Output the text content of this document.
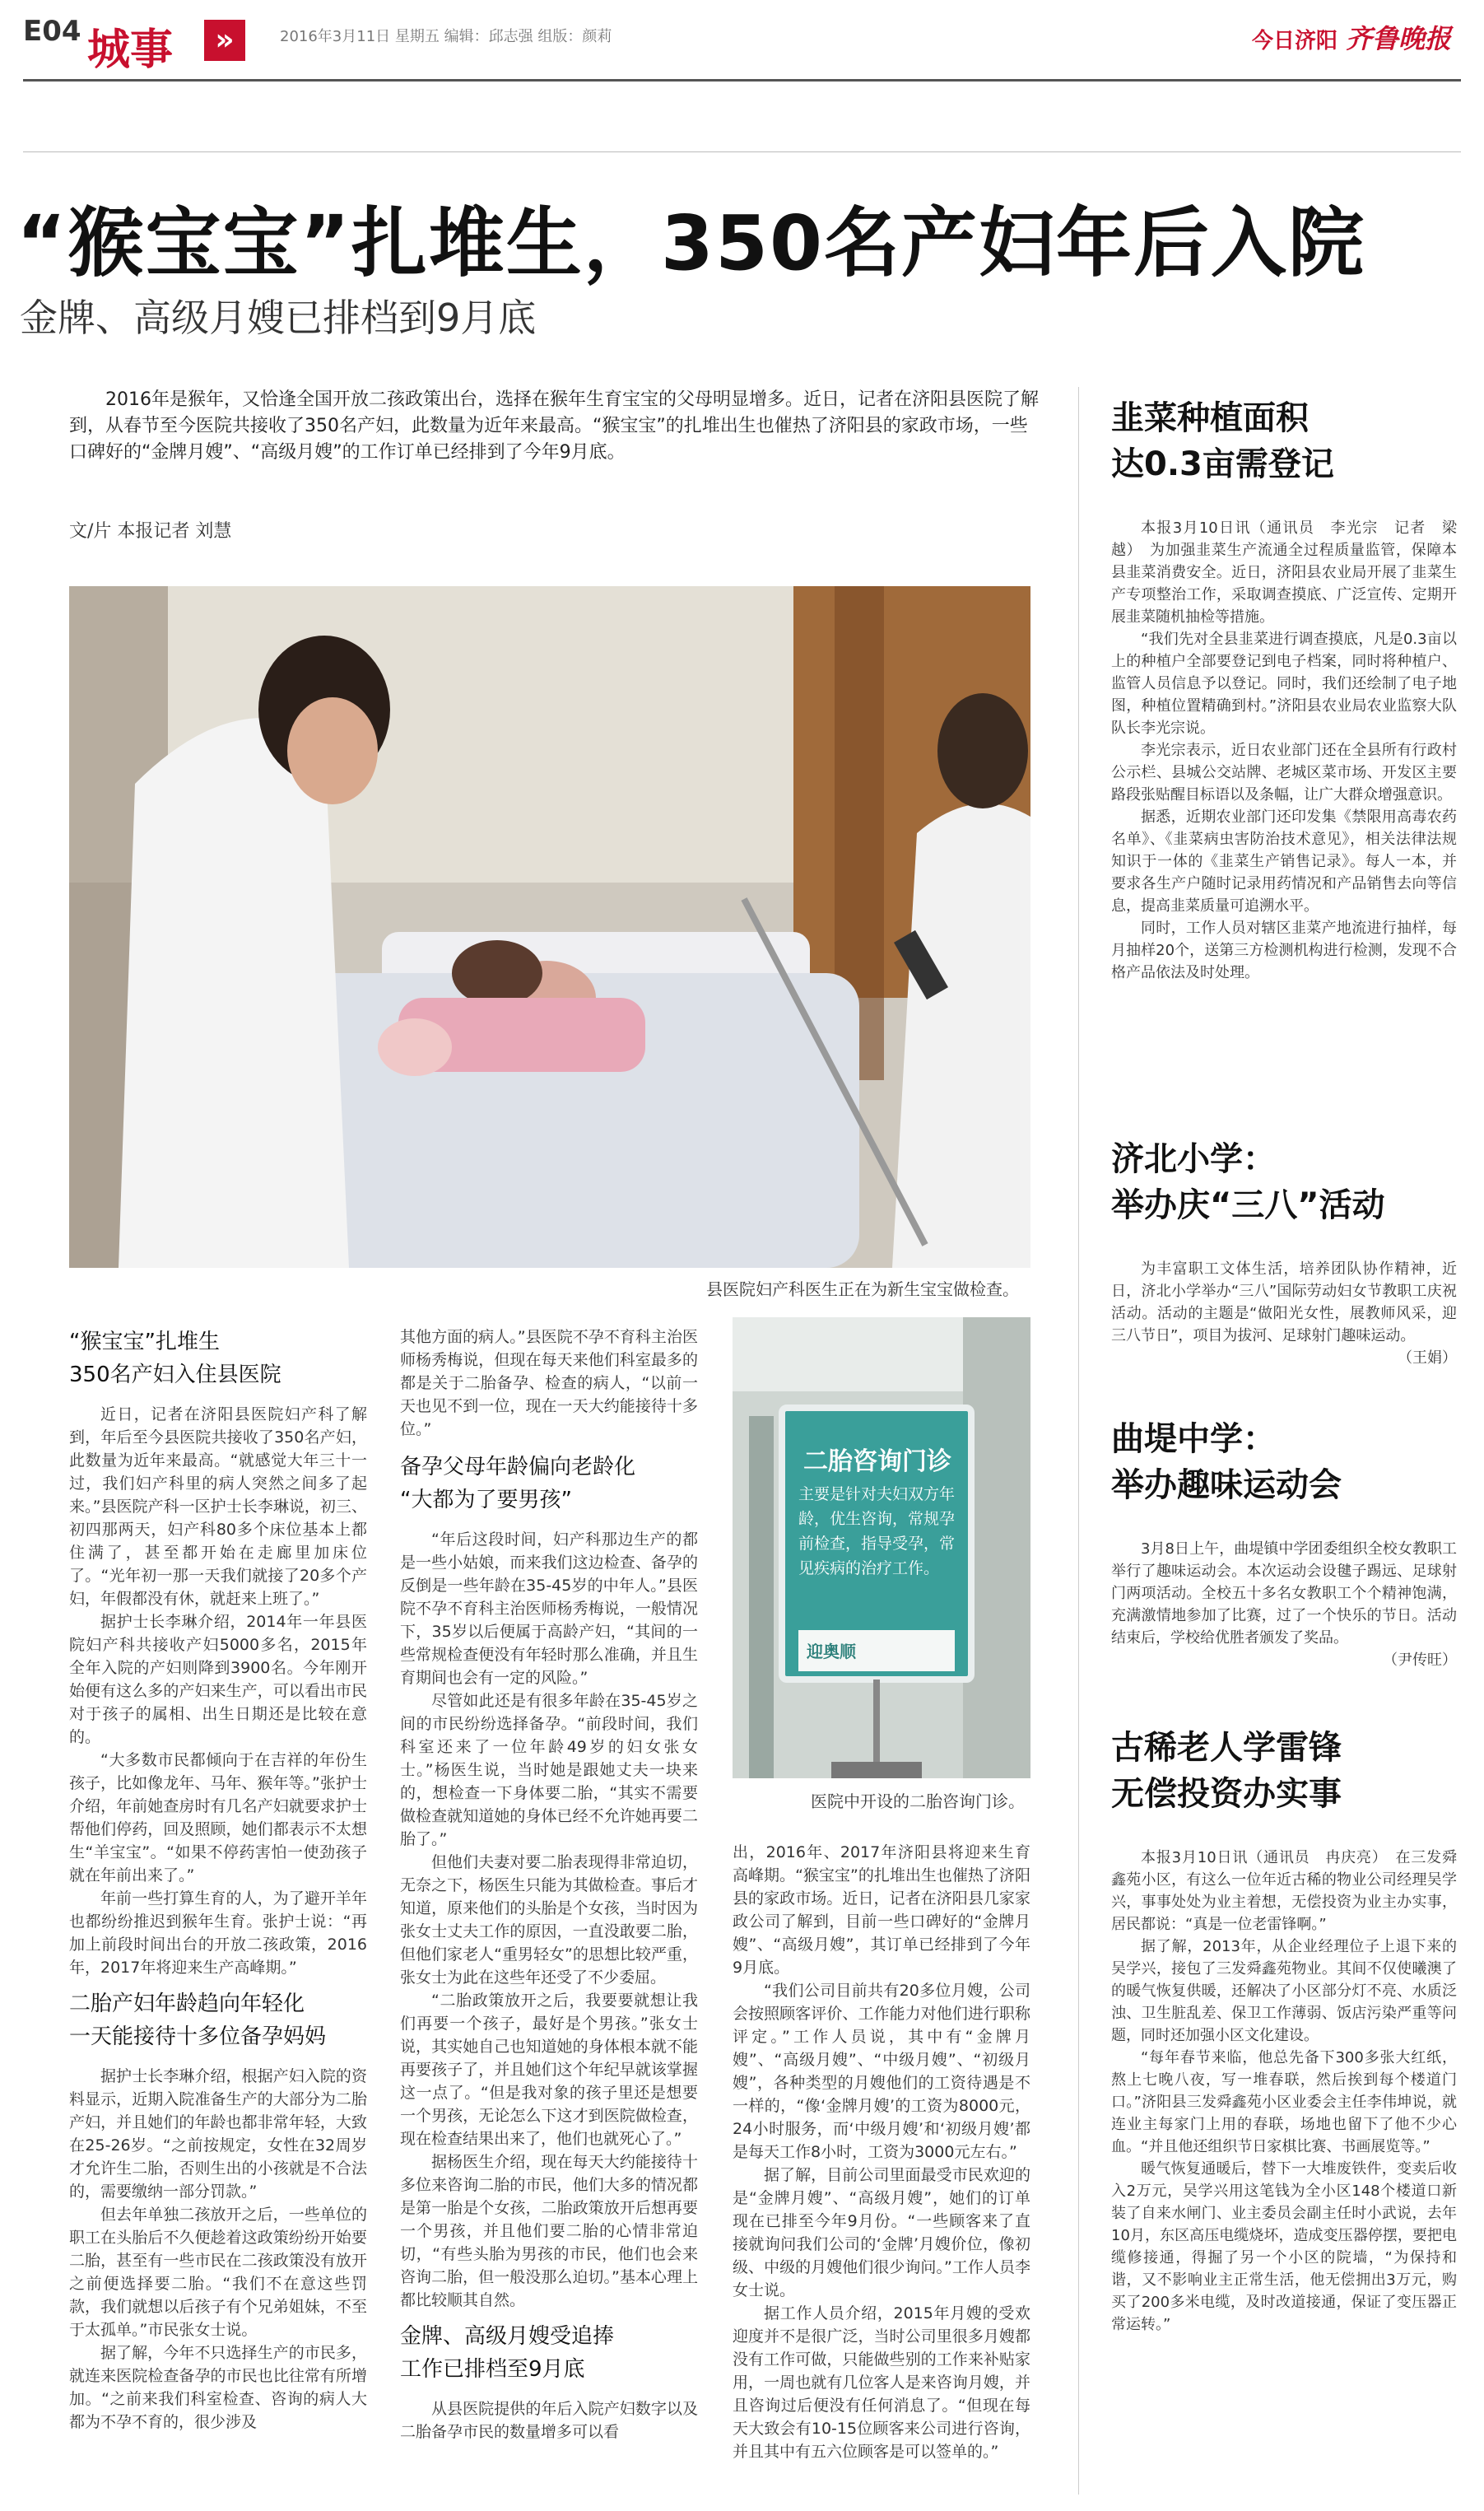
E04 城事	»	2016年3月11日 星期五 编辑：邱志强 组版：颜莉	今日济阳 齐鲁晚报
“猴宝宝”扎堆生，350名产妇年后入院
金牌、高级月嫂已排档到9月底
2016年是猴年，又恰逢全国开放二孩政策出台，选择在猴年生育宝宝的父母明显增多。近日，记者在济阳县医院了解到，从春节至今医院共接收了350名产妇，此数量为近年来最高。“猴宝宝”的扎堆出生也催热了济阳县的家政市场，一些口碑好的“金牌月嫂”、“高级月嫂”的工作订单已经排到了今年9月底。
文/片 本报记者 刘慧
县医院妇产科医生正在为新生宝宝做检查。
二胎咨询门诊
主要是针对夫妇双方年龄，优生咨询，常规孕前检查，指导受孕，常见疾病的治疗工作。
迎奥顺
医院中开设的二胎咨询门诊。
“猴宝宝”扎堆生
350名产妇入住县医院

近日，记者在济阳县医院妇产科了解到，年后至今县医院共接收了350名产妇，此数量为近年来最高。“就感觉大年三十一过，我们妇产科里的病人突然之间多了起来。”县医院产科一区护士长李琳说，初三、初四那两天，妇产科80多个床位基本上都住满了，甚至都开始在走廊里加床位了。“光年初一那一天我们就接了20多个产妇，年假都没有休，就赶来上班了。”

据护士长李琳介绍，2014年一年县医院妇产科共接收产妇5000多名，2015年全年入院的产妇则降到3900名。今年刚开始便有这么多的产妇来生产，可以看出市民对于孩子的属相、出生日期还是比较在意的。

“大多数市民都倾向于在吉祥的年份生孩子，比如像龙年、马年、猴年等。”张护士介绍，年前她查房时有几名产妇就要求护士帮他们停药，回及照顾，她们都表示不太想生“羊宝宝”。“如果不停药害怕一使劲孩子就在年前出来了。”

年前一些打算生育的人，为了避开羊年也都纷纷推迟到猴年生育。张护士说：“再加上前段时间出台的开放二孩政策，2016年，2017年将迎来生产高峰期。”

二胎产妇年龄趋向年轻化
一天能接待十多位备孕妈妈

据护士长李琳介绍，根据产妇入院的资料显示，近期入院准备生产的大部分为二胎产妇，并且她们的年龄也都非常年轻，大致在25-26岁。“之前按规定，女性在32周岁才允许生二胎，否则生出的小孩就是不合法的，需要缴纳一部分罚款。”

但去年单独二孩放开之后，一些单位的职工在头胎后不久便趁着这政策纷纷开始要二胎，甚至有一些市民在二孩政策没有放开之前便选择要二胎。“我们不在意这些罚款，我们就想以后孩子有个兄弟姐妹，不至于太孤单。”市民张女士说。

据了解，今年不只选择生产的市民多，就连来医院检查备孕的市民也比往常有所增加。“之前来我们科室检查、咨询的病人大都为不孕不育的，很少涉及

其他方面的病人。”县医院不孕不育科主治医师杨秀梅说，但现在每天来他们科室最多的都是关于二胎备孕、检查的病人，“以前一天也见不到一位，现在一天大约能接待十多位。”

备孕父母年龄偏向老龄化
“大都为了要男孩”

“年后这段时间，妇产科那边生产的都是一些小姑娘，而来我们这边检查、备孕的反倒是一些年龄在35-45岁的中年人。”县医院不孕不育科主治医师杨秀梅说，一般情况下，35岁以后便属于高龄产妇，“其间的一些常规检查便没有年轻时那么准确，并且生育期间也会有一定的风险。”

尽管如此还是有很多年龄在35-45岁之间的市民纷纷选择备孕。“前段时间，我们科室还来了一位年龄49岁的妇女张女士。”杨医生说，当时她是跟她丈夫一块来的，想检查一下身体要二胎，“其实不需要做检查就知道她的身体已经不允许她再要二胎了。”

但他们夫妻对要二胎表现得非常迫切，无奈之下，杨医生只能为其做检查。事后才知道，原来他们的头胎是个女孩，当时因为张女士丈夫工作的原因，一直没敢要二胎，但他们家老人“重男轻女”的思想比较严重，张女士为此在这些年还受了不少委屈。

“二胎政策放开之后，我要要就想让我们再要一个孩子，最好是个男孩。”张女士说，其实她自己也知道她的身体根本就不能再要孩子了，并且她们这个年纪早就该掌握这一点了。“但是我对象的孩子里还是想要一个男孩，无论怎么下这才到医院做检查，现在检查结果出来了，他们也就死心了。”

据杨医生介绍，现在每天大约能接待十多位来咨询二胎的市民，他们大多的情况都是第一胎是个女孩，二胎政策放开后想再要一个男孩，并且他们要二胎的心情非常迫切，“有些头胎为男孩的市民，他们也会来咨询二胎，但一般没那么迫切。”基本心理上都比较顺其自然。

金牌、高级月嫂受追捧
工作已排档至9月底

从县医院提供的年后入院产妇数字以及二胎备孕市民的数量增多可以看

出，2016年、2017年济阳县将迎来生育高峰期。“猴宝宝”的扎堆出生也催热了济阳县的家政市场。近日，记者在济阳县几家家政公司了解到，目前一些口碑好的“金牌月嫂”、“高级月嫂”，其订单已经排到了今年9月底。

“我们公司目前共有20多位月嫂，公司会按照顾客评价、工作能力对他们进行职称评定。”工作人员说，其中有“金牌月嫂”、“高级月嫂”、“中级月嫂”、“初级月嫂”，各种类型的月嫂他们的工资待遇是不一样的，“像‘金牌月嫂’的工资为8000元，24小时服务，而‘中级月嫂’和‘初级月嫂’都是每天工作8小时，工资为3000元左右。”

据了解，目前公司里面最受市民欢迎的是“金牌月嫂”、“高级月嫂”，她们的订单现在已排至今年9月份。“一些顾客来了直接就询问我们公司的‘金牌’月嫂价位，像初级、中级的月嫂他们很少询问。”工作人员李女士说。

据工作人员介绍，2015年月嫂的受欢迎度并不是很广泛，当时公司里很多月嫂都没有工作可做，只能做些别的工作来补贴家用，一周也就有几位客人是来咨询月嫂，并且咨询过后便没有任何消息了。“但现在每天大致会有10-15位顾客来公司进行咨询，并且其中有五六位顾客是可以签单的。”

韭菜种植面积
达0.3亩需登记

本报3月10日讯（通讯员　李光宗　记者　梁越）　为加强韭菜生产流通全过程质量监管，保障本县韭菜消费安全。近日，济阳县农业局开展了韭菜生产专项整治工作，采取调查摸底、广泛宣传、定期开展韭菜随机抽检等措施。

“我们先对全县韭菜进行调查摸底，凡是0.3亩以上的种植户全部要登记到电子档案，同时将种植户、监管人员信息予以登记。同时，我们还绘制了电子地图，种植位置精确到村。”济阳县农业局农业监察大队队长李光宗说。

李光宗表示，近日农业部门还在全县所有行政村公示栏、县城公交站牌、老城区菜市场、开发区主要路段张贴醒目标语以及条幅，让广大群众增强意识。

据悉，近期农业部门还印发集《禁限用高毒农药名单》、《韭菜病虫害防治技术意见》，相关法律法规知识于一体的《韭菜生产销售记录》。每人一本，并要求各生产户随时记录用药情况和产品销售去向等信息，提高韭菜质量可追溯水平。

同时，工作人员对辖区韭菜产地流进行抽样，每月抽样20个，送第三方检测机构进行检测，发现不合格产品依法及时处理。

济北小学：
举办庆“三八”活动

为丰富职工文体生活，培养团队协作精神，近日，济北小学举办“三八”国际劳动妇女节教职工庆祝活动。活动的主题是“做阳光女性，展教师风采，迎三八节日”，项目为拔河、足球射门趣味运动。

（王娟）
曲堤中学：
举办趣味运动会

3月8日上午，曲堤镇中学团委组织全校女教职工举行了趣味运动会。本次运动会设毽子踢远、足球射门两项活动。全校五十多名女教职工个个精神饱满，充满激情地参加了比赛，过了一个快乐的节日。活动结束后，学校给优胜者颁发了奖品。

（尹传旺）
古稀老人学雷锋
无偿投资办实事

本报3月10日讯（通讯员　冉庆亮）　在三发舜鑫苑小区，有这么一位年近古稀的物业公司经理吴学兴，事事处处为业主着想，无偿投资为业主办实事，居民都说：“真是一位老雷锋啊。”

据了解，2013年，从企业经理位子上退下来的吴学兴，接包了三发舜鑫苑物业。其间不仅使曦澳了的暖气恢复供暖，还解决了小区部分灯不亮、水质泛浊、卫生脏乱差、保卫工作薄弱、饭店污染严重等问题，同时还加强小区文化建设。

“每年春节来临，他总先备下300多张大红纸，熬上七晚八夜，写一堆春联，然后挨到每个楼道门口。”济阳县三发舜鑫苑小区业委会主任李伟坤说，就连业主每家门上用的春联，场地也留下了他不少心血。“并且他还组织节日家棋比赛、书画展览等。”

暖气恢复通暖后，替下一大堆废铁件，变卖后收入2万元，吴学兴用这笔钱为全小区148个楼道口新装了自来水闸门、业主委员会副主任时小武说，去年10月，东区高压电缆烧坏，造成变压器停摆，要把电缆修接通，得掘了另一个小区的院墙，“为保持和谐，又不影响业主正常生活，他无偿拥出3万元，购买了200多米电缆，及时改道接通，保证了变压器正常运转。”
